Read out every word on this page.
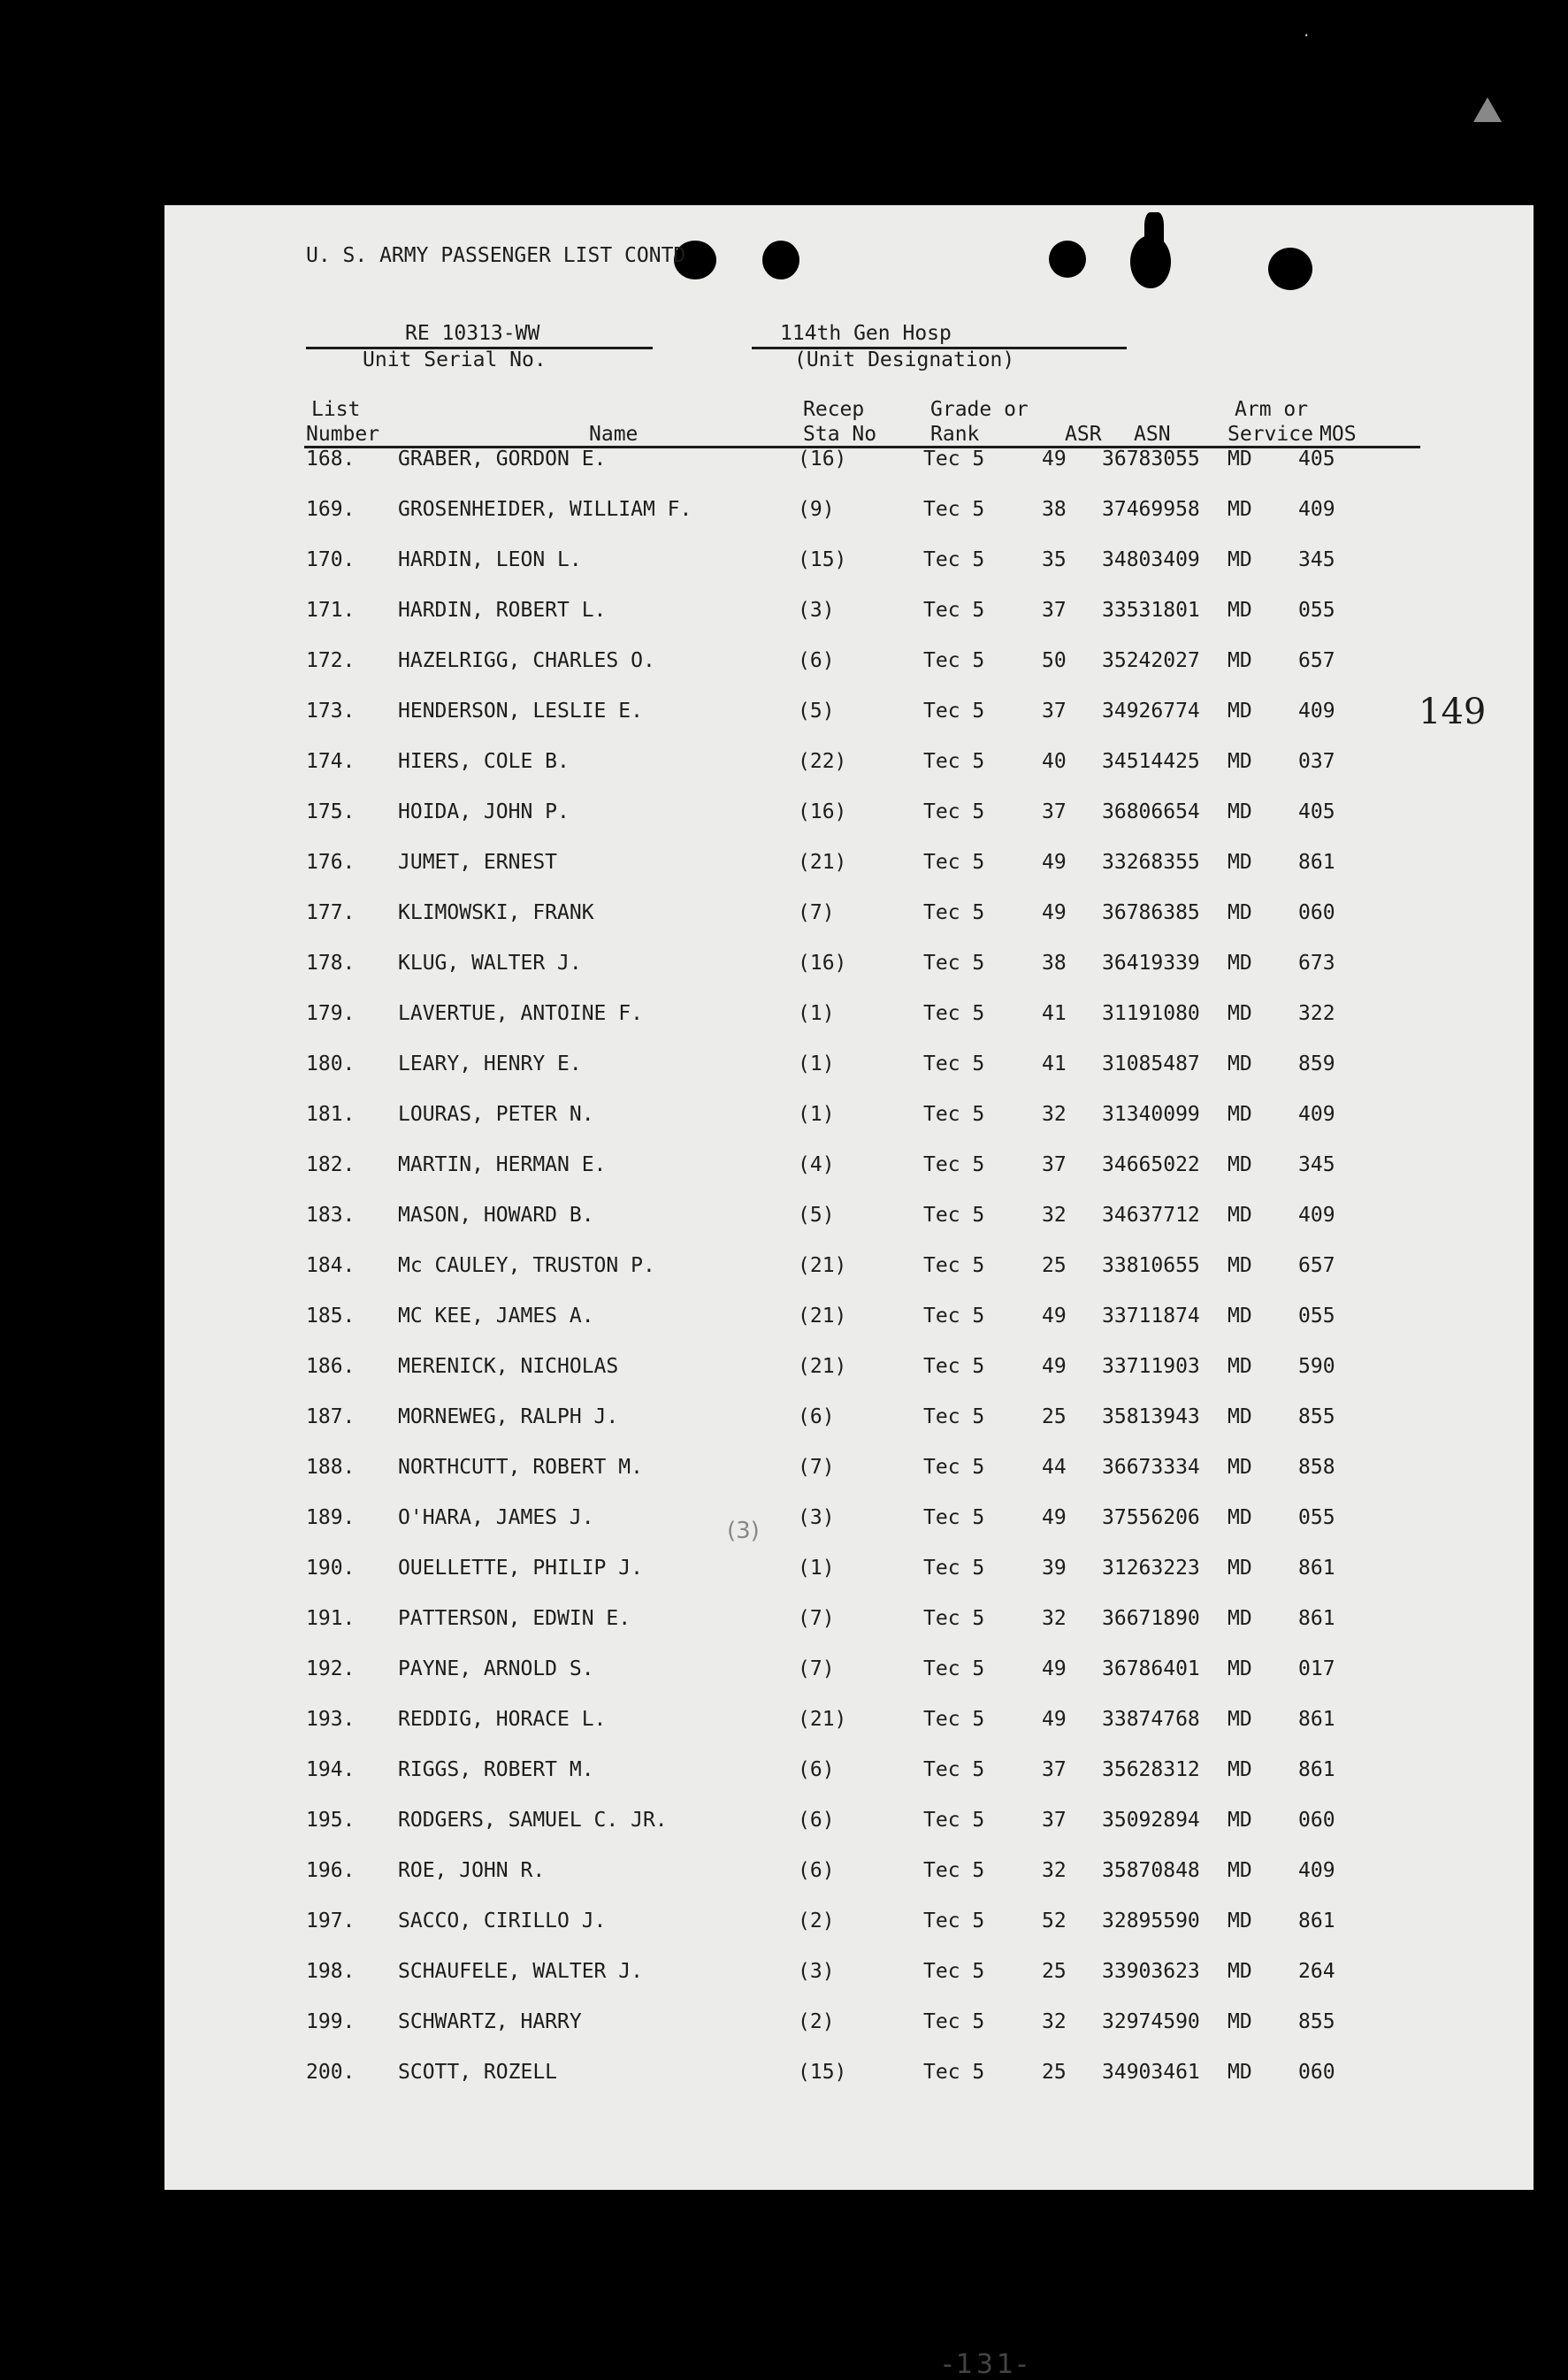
·
U. S. ARMY PASSENGER LIST CONTD
RE 10313-WW
Unit Serial No.
114th Gen Hosp
(Unit Designation)
List
Number	Name
Recep
Sta No
Grade or
Rank	ASR ASN
Arm or
Service MOS
168. GRABER, GORDON E.	(16)	Tec 5	49 36783055 MD 405
169. GROSENHEIDER, WILLIAM F.	(9)	Tec 5	38 37469958 MD 409
170. HARDIN, LEON L.	(15)	Tec 5	35 34803409 MD 345
171. HARDIN, ROBERT L.	(3)	Tec 5	37 33531801 MD 055
172. HAZELRIGG, CHARLES O.	(6)	Tec 5	50 35242027 MD 657
173. HENDERSON, LESLIE E.	(5)	Tec 5	37 34926774 MD 409
174. HIERS, COLE B.	(22)	Tec 5	40 34514425 MD 037
175. HOIDA, JOHN P.	(16)	Tec 5	37 36806654 MD 405
176. JUMET, ERNEST	(21)	Tec 5	49 33268355 MD 861
177. KLIMOWSKI, FRANK	(7)	Tec 5	49 36786385 MD 060
178. KLUG, WALTER J.	(16)	Tec 5	38 36419339 MD 673
179. LAVERTUE, ANTOINE F.	(1)	Tec 5	41 31191080 MD 322
180. LEARY, HENRY E.	(1)	Tec 5	41 31085487 MD 859
181. LOURAS, PETER N.	(1)	Tec 5	32 31340099 MD 409
182. MARTIN, HERMAN E.	(4)	Tec 5	37 34665022 MD 345
183. MASON, HOWARD B.	(5)	Tec 5	32 34637712 MD 409
184. Mc CAULEY, TRUSTON P.	(21)	Tec 5	25 33810655 MD 657
185. MC KEE, JAMES A.	(21)	Tec 5	49 33711874 MD 055
186. MERENICK, NICHOLAS	(21)	Tec 5	49 33711903 MD 590
187. MORNEWEG, RALPH J.	(6)	Tec 5	25 35813943 MD 855
188. NORTHCUTT, ROBERT M.	(7)	Tec 5	44 36673334 MD 858
189. O'HARA, JAMES J.	(3)	Tec 5	49 37556206 MD 055
190. OUELLETTE, PHILIP J.	(1)	Tec 5	39 31263223 MD 861
191. PATTERSON, EDWIN E.	(7)	Tec 5	32 36671890 MD 861
192. PAYNE, ARNOLD S.	(7)	Tec 5	49 36786401 MD 017
193. REDDIG, HORACE L.	(21)	Tec 5	49 33874768 MD 861
194. RIGGS, ROBERT M.	(6)	Tec 5	37 35628312 MD 861
195. RODGERS, SAMUEL C. JR.	(6)	Tec 5	37 35092894 MD 060
196. ROE, JOHN R.	(6)	Tec 5	32 35870848 MD 409
197. SACCO, CIRILLO J.	(2)	Tec 5	52 32895590 MD 861
198. SCHAUFELE, WALTER J.	(3)	Tec 5	25 33903623 MD 264
199. SCHWARTZ, HARRY	(2)	Tec 5	32 32974590 MD 855
200. SCOTT, ROZELL	(15)	Tec 5	25 34903461 MD 060
(3)
-131-
149
